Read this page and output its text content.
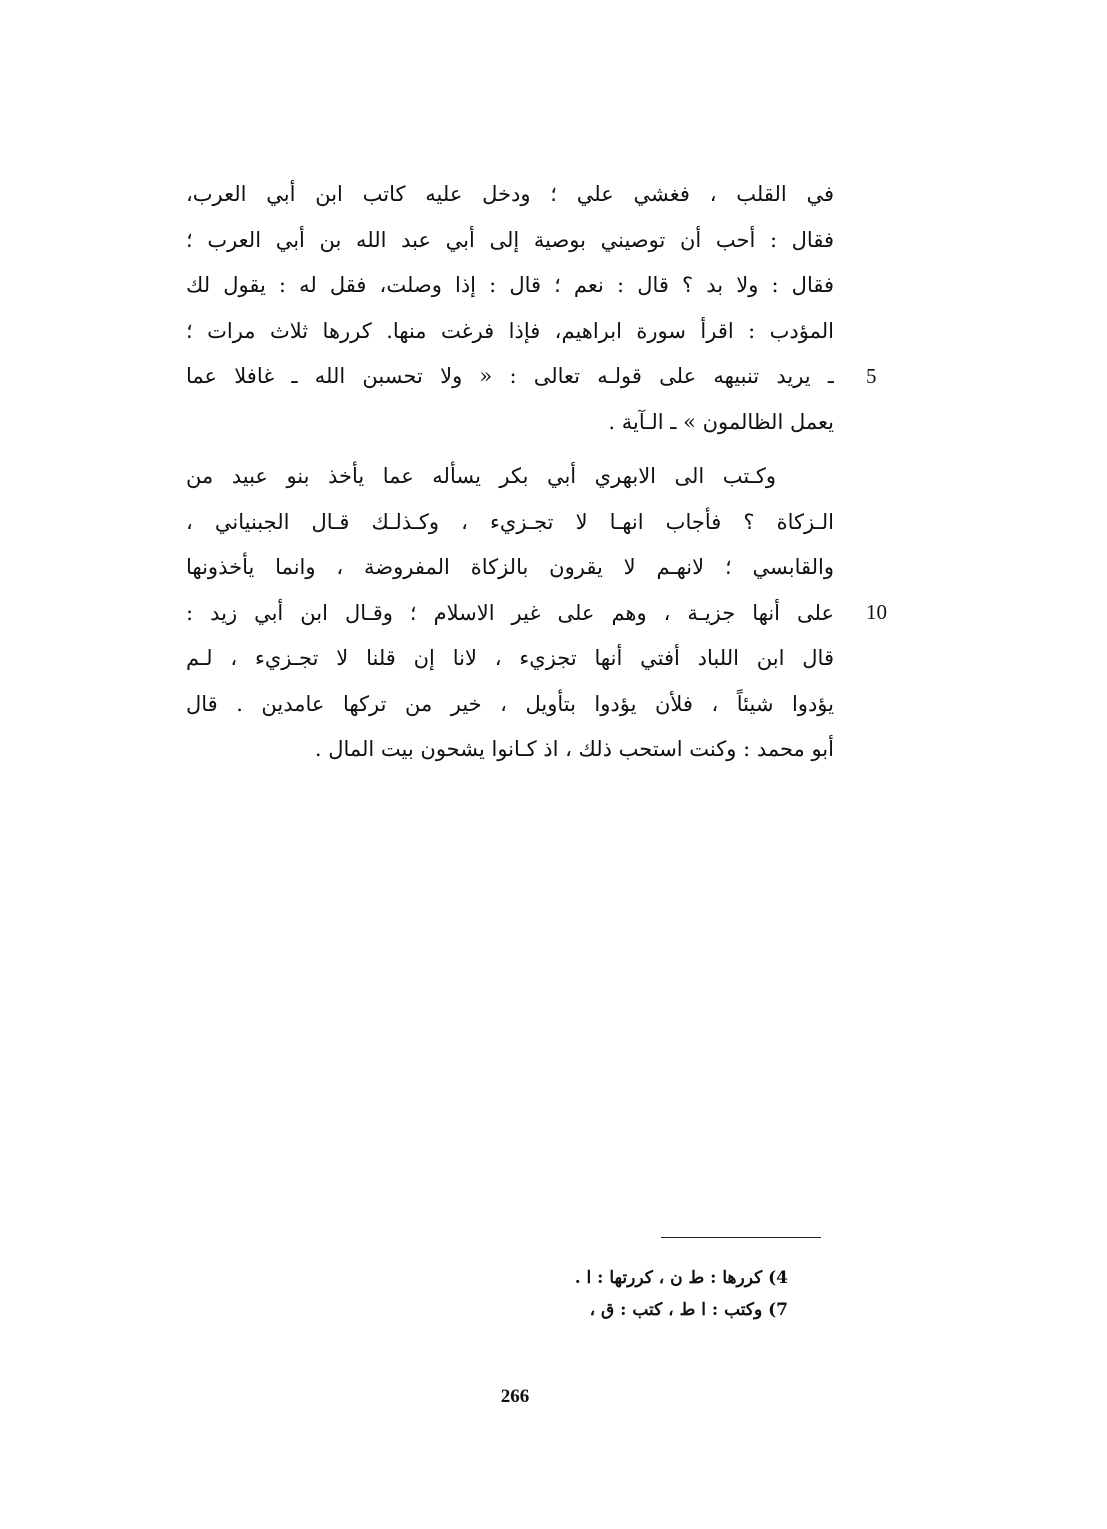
في القلب ، فغشي علي ؛ ودخل عليه كاتب ابن أبي العرب،
فقال : أحب أن توصيني بوصية إلى أبي عبد الله بن أبي العرب ؛
فقال : ولا بد ؟ قال : نعم ؛ قال : إذا وصلت، فقل له : يقول لك
المؤدب : اقرأ سورة ابراهيم، فإذا فرغت منها. كررها ثلاث مرات ؛
ـ يريد تنبيهه على قولـه تعالى : « ولا تحسبن الله ـ غافلا عما
يعمل الظالمون » ـ الـآية .
وكـتب الى الابهري أبي بكر يسأله عما يأخذ بنو عبيد من
الـزكاة ؟ فأجاب انهـا لا تجـزيء ، وكـذلـك قـال الجبنياني ،
والقابسي ؛ لانهـم لا يقرون بالزكاة المفروضة ، وانما يأخذونها
على أنها جزيـة ، وهم على غير الاسلام ؛ وقـال ابن أبي زيد :
قال ابن اللباد أفتي أنها تجزيء ، لانا إن قلنا لا تجـزيء ، لـم
يؤدوا شيئاً ، فلأن يؤدوا بتأويل ، خير من تركها عامدين . قال
أبو محمد : وكنت استحب ذلك ، اذ كـانوا يشحون بيت المال .
5
10
4) كررها : ط ن ، كررتها : ا .
7) وكتب : ا ط ، كتب : ق ،
266
